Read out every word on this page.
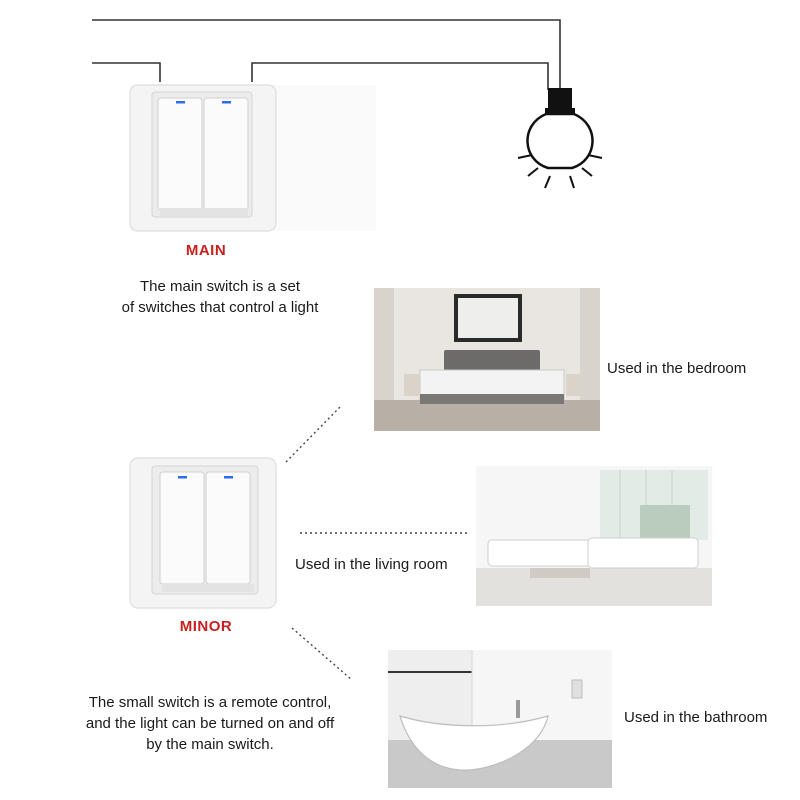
MAIN
The main switch is a set
of switches that control a light
MINOR
The small switch is a remote control,
and the light can be turned on and off
by the main switch.
Used in the bedroom
Used in the living room
Used in the bathroom
